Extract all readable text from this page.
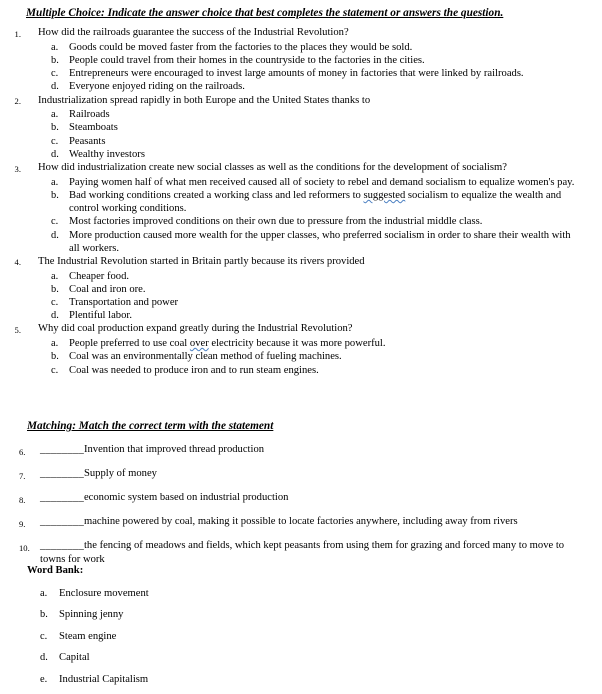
Multiple Choice: Indicate the answer choice that best completes the statement or answers the question.
1. How did the railroads guarantee the success of the Industrial Revolution?
a.	Goods could be moved faster from the factories to the places they would be sold.
b. People could travel from their homes in the countryside to the factories in the cities.
c.	Entrepreneurs were encouraged to invest large amounts of money in factories that were linked by railroads.
d. Everyone enjoyed riding on the railroads.
2. Industrialization spread rapidly in both Europe and the United States thanks to
a.	Railroads
b. Steamboats
c.	Peasants
d. Wealthy investors
3. How did industrialization create new social classes as well as the conditions for the development of socialism?
a.	Paying women half of what men received caused all of society to rebel and demand socialism to equalize women's pay.
b. Bad working conditions created a working class and led reformers to suggested socialism to equalize the wealth and control working conditions.
c.	Most factories improved conditions on their own due to pressure from the industrial middle class.
d. More production caused more wealth for the upper classes, who preferred socialism in order to share their wealth with all workers.
4. The Industrial Revolution started in Britain partly because its rivers provided
a.	Cheaper food.
b. Coal and iron ore.
c.	Transportation and power
d. Plentiful labor.
5. Why did coal production expand greatly during the Industrial Revolution?
a.	People preferred to use coal over electricity because it was more powerful.
b. Coal was an environmentally clean method of fueling machines.
c.	Coal was needed to produce iron and to run steam engines.
Matching: Match the correct term with the statement
6.	________Invention that improved thread production
7.	________Supply of money
8.	________economic system based on industrial production
9.	________machine powered by coal, making it possible to locate factories anywhere, including away from rivers
10. ________the fencing of meadows and fields, which kept peasants from using them for grazing and forced many to move to towns for work
Word Bank:
a.	Enclosure movement
b.	Spinning jenny
c.	Steam engine
d.	Capital
e.	Industrial Capitalism
